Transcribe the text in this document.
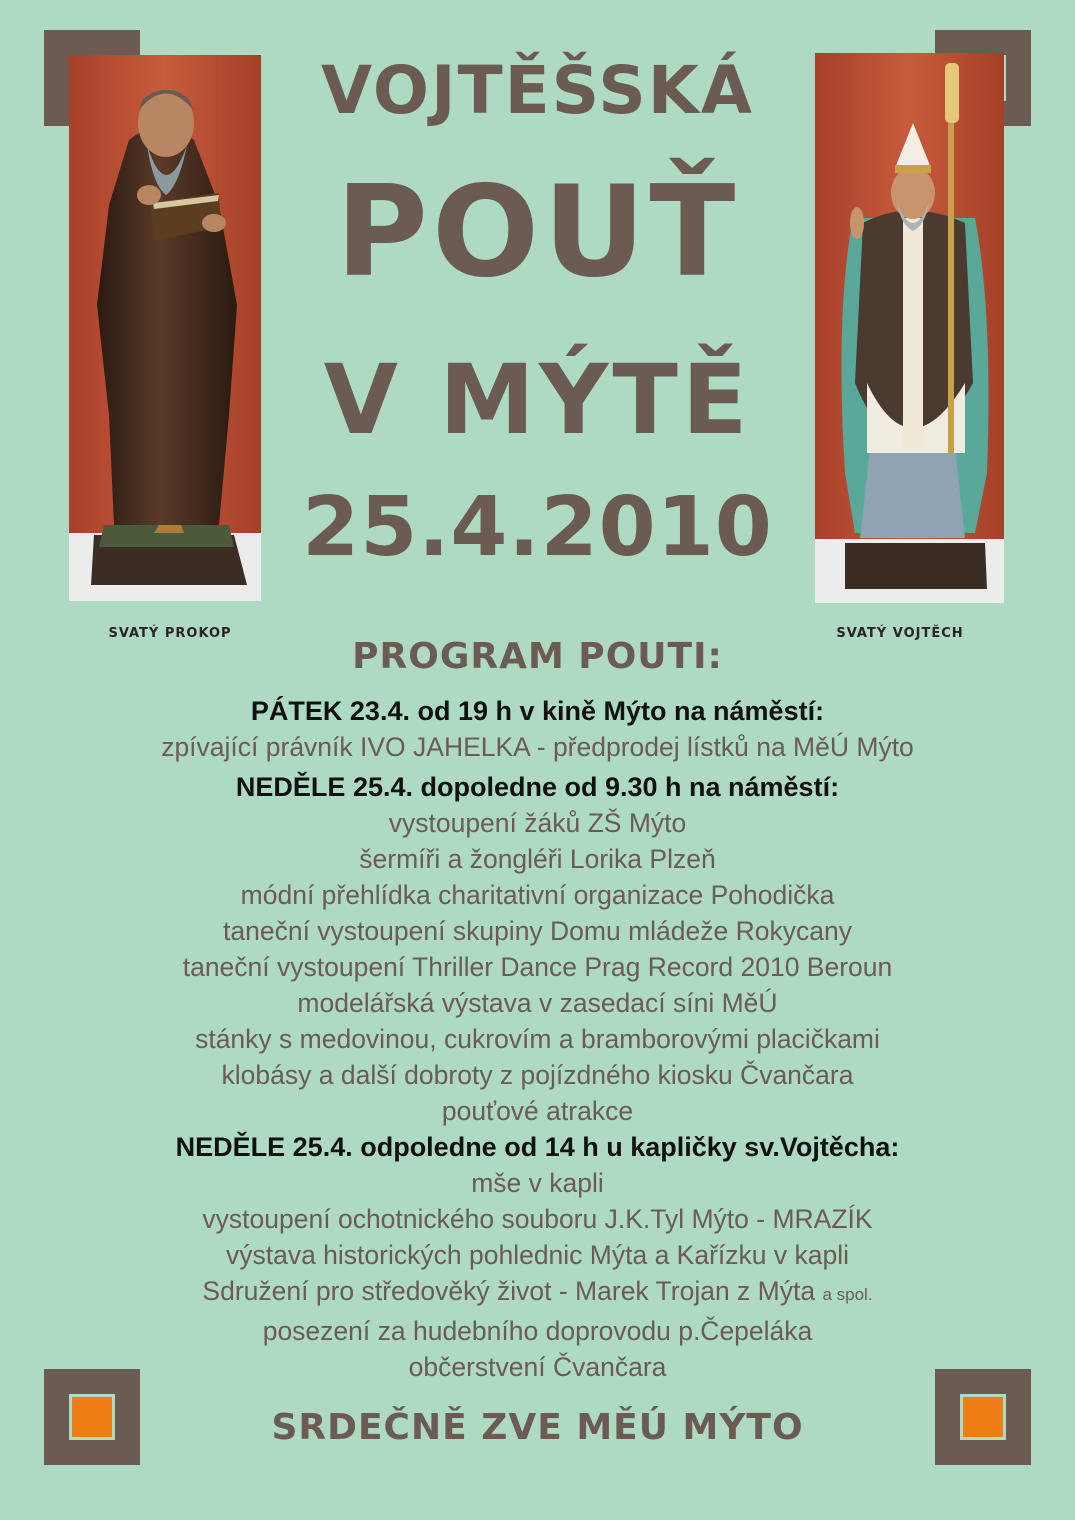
SVATÝ PROKOP	SVATÝ VOJTĚCH
VOJTĚŠSKÁ
POUŤ
V MÝTĚ
25.4.2010
PROGRAM POUTI:
PÁTEK 23.4. od 19 h v kině Mýto na náměstí:
zpívající právník IVO JAHELKA - předprodej lístků na MěÚ Mýto
NEDĚLE 25.4. dopoledne od 9.30 h na náměstí:
vystoupení žáků ZŠ Mýto
šermíři a žongléři Lorika Plzeň
módní přehlídka charitativní organizace Pohodička
taneční vystoupení skupiny Domu mládeže Rokycany
taneční vystoupení Thriller Dance Prag Record 2010 Beroun
modelářská výstava v zasedací síni MěÚ
stánky s medovinou, cukrovím a bramborovými placičkami
klobásy a další dobroty z pojízdného kiosku Čvančara
pouťové atrakce
NEDĚLE 25.4. odpoledne od 14 h u kapličky sv.Vojtěcha:
mše v kapli
vystoupení ochotnického souboru J.K.Tyl Mýto - MRAZÍK
výstava historických pohlednic Mýta a Kařízku v kapli
Sdružení pro středověký život - Marek Trojan z Mýta a spol.
posezení za hudebního doprovodu p.Čepeláka
občerstvení Čvančara
SRDEČNĚ ZVE MĚÚ MÝTO
